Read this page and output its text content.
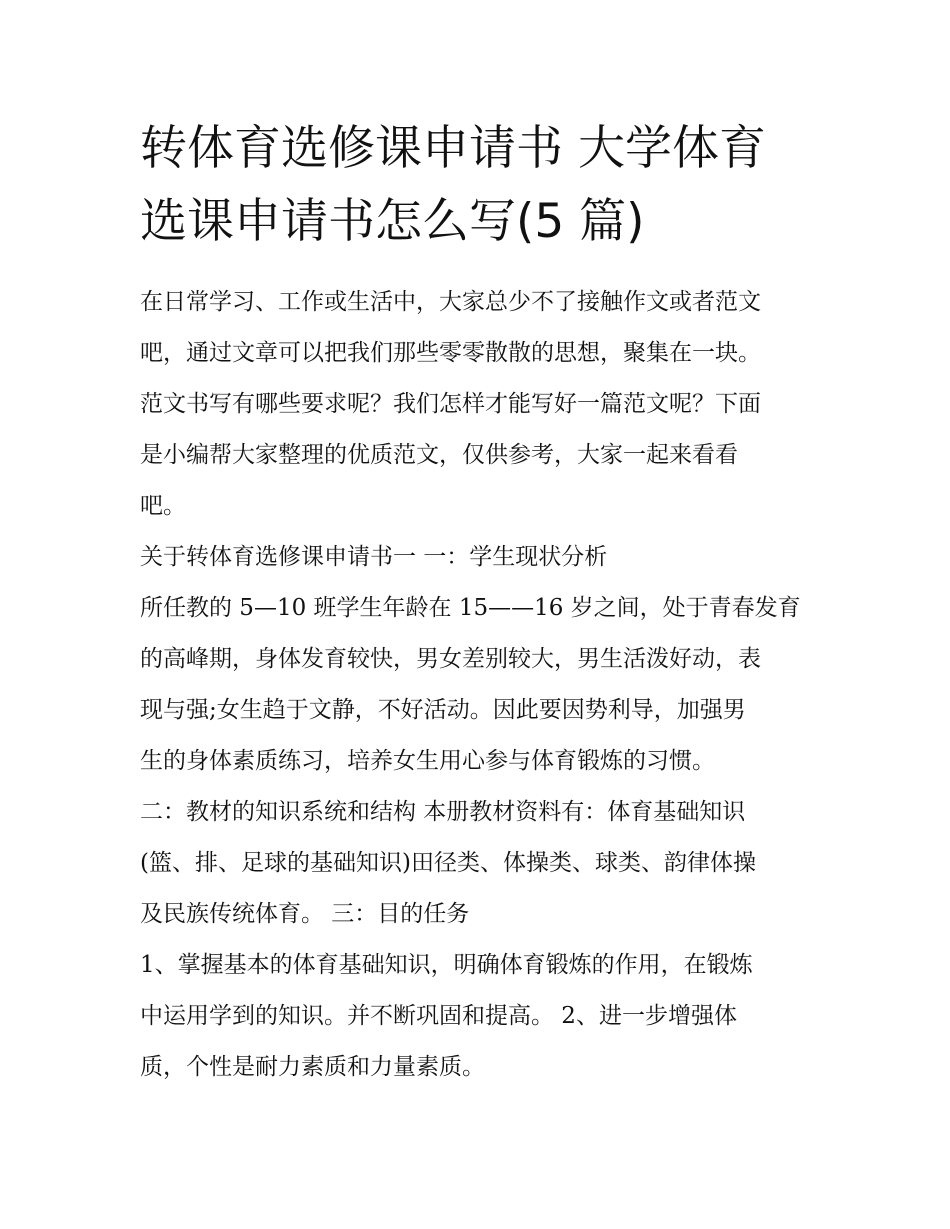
转体育选修课申请书 大学体育
选课申请书怎么写(5 篇)
在日常学习、工作或生活中，大家总少不了接触作文或者范文
吧，通过文章可以把我们那些零零散散的思想，聚集在一块。
范文书写有哪些要求呢？我们怎样才能写好一篇范文呢？下面
是小编帮大家整理的优质范文，仅供参考，大家一起来看看
吧。
关于转体育选修课申请书一 一：学生现状分析
所任教的 5—10 班学生年龄在 15——16 岁之间，处于青春发育
的高峰期，身体发育较快，男女差别较大，男生活泼好动，表
现与强;女生趋于文静，不好活动。因此要因势利导，加强男
生的身体素质练习，培养女生用心参与体育锻炼的习惯。
二：教材的知识系统和结构 本册教材资料有：体育基础知识
(篮、排、足球的基础知识)田径类、体操类、球类、韵律体操
及民族传统体育。 三：目的任务
1、掌握基本的体育基础知识，明确体育锻炼的作用，在锻炼
中运用学到的知识。并不断巩固和提高。 2、进一步增强体
质，个性是耐力素质和力量素质。
